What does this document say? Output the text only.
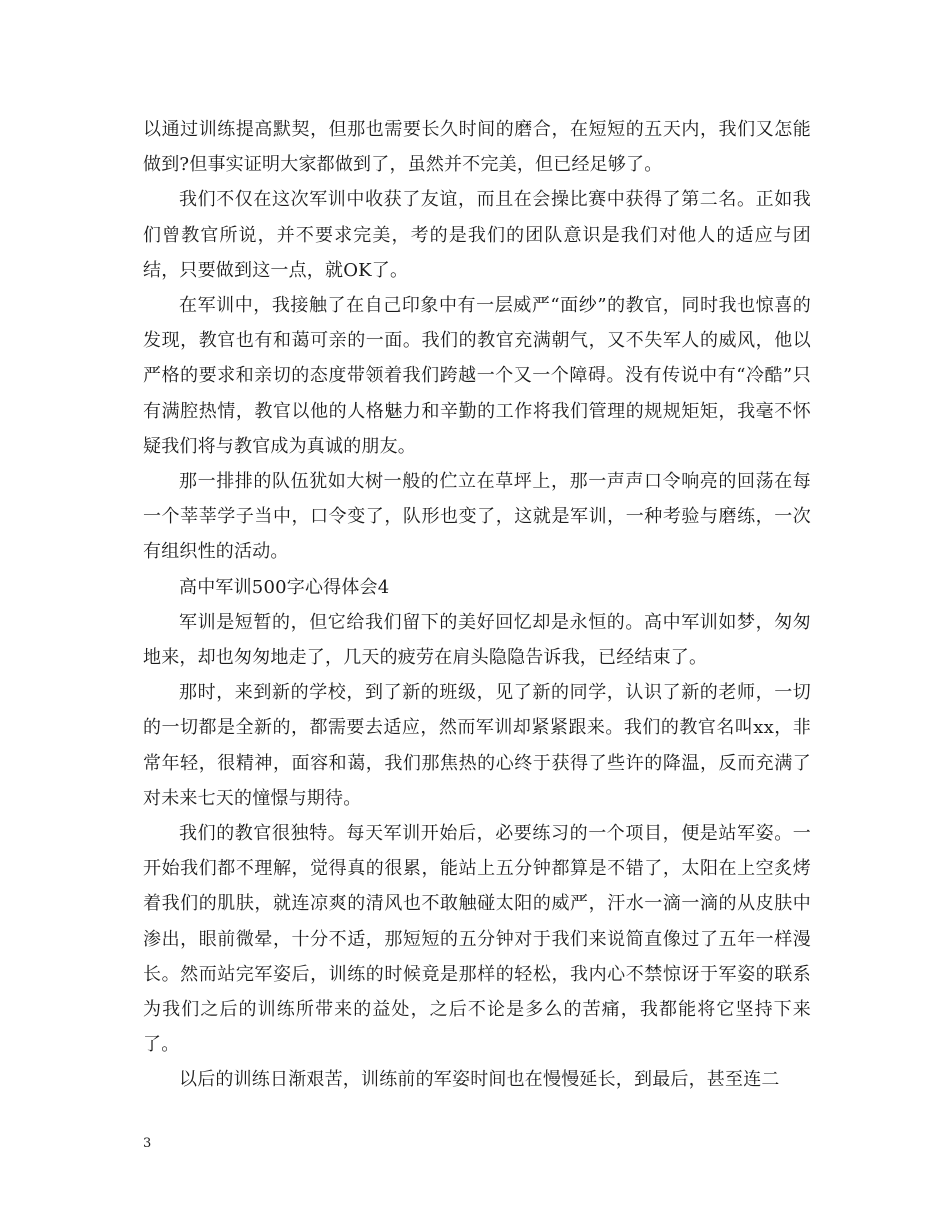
以通过训练提高默契，但那也需要长久时间的磨合，在短短的五天内，我们又怎能做到?但事实证明大家都做到了，虽然并不完美，但已经足够了。

我们不仅在这次军训中收获了友谊，而且在会操比赛中获得了第二名。正如我们曾教官所说，并不要求完美，考的是我们的团队意识是我们对他人的适应与团结，只要做到这一点，就OK了。

在军训中，我接触了在自己印象中有一层威严“面纱”的教官，同时我也惊喜的发现，教官也有和蔼可亲的一面。我们的教官充满朝气，又不失军人的威风，他以严格的要求和亲切的态度带领着我们跨越一个又一个障碍。没有传说中有“冷酷”只有满腔热情，教官以他的人格魅力和辛勤的工作将我们管理的规规矩矩，我毫不怀疑我们将与教官成为真诚的朋友。

那一排排的队伍犹如大树一般的伫立在草坪上，那一声声口令响亮的回荡在每一个莘莘学子当中，口令变了，队形也变了，这就是军训，一种考验与磨练，一次有组织性的活动。

高中军训500字心得体会4

军训是短暂的，但它给我们留下的美好回忆却是永恒的。高中军训如梦，匆匆地来，却也匆匆地走了，几天的疲劳在肩头隐隐告诉我，已经结束了。

那时，来到新的学校，到了新的班级，见了新的同学，认识了新的老师，一切的一切都是全新的，都需要去适应，然而军训却紧紧跟来。我们的教官名叫xx，非常年轻，很精神，面容和蔼，我们那焦热的心终于获得了些许的降温，反而充满了对未来七天的憧憬与期待。

我们的教官很独特。每天军训开始后，必要练习的一个项目，便是站军姿。一开始我们都不理解，觉得真的很累，能站上五分钟都算是不错了，太阳在上空炙烤着我们的肌肤，就连凉爽的清风也不敢触碰太阳的威严，汗水一滴一滴的从皮肤中渗出，眼前微晕，十分不适，那短短的五分钟对于我们来说简直像过了五年一样漫长。然而站完军姿后，训练的时候竟是那样的轻松，我内心不禁惊讶于军姿的联系为我们之后的训练所带来的益处，之后不论是多么的苦痛，我都能将它坚持下来了。

以后的训练日渐艰苦，训练前的军姿时间也在慢慢延长，到最后，甚至连二

3
